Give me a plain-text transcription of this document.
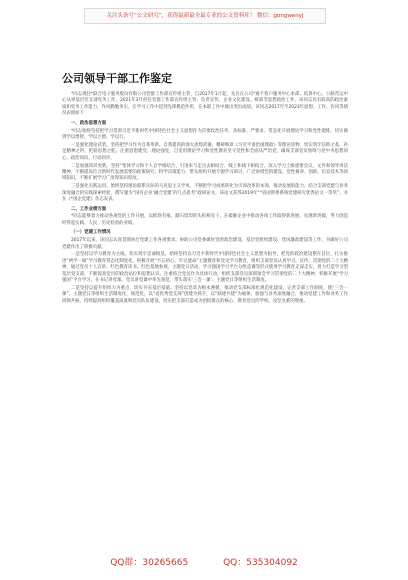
关注头条号“公文研究”，获得最新最全最专业的公文资料库！ 微信：gongwenyj
公司领导干部工作鉴定

*同志现任*联合电子服务股份有限公司党群工作部宣传组主管，自2017年1月起，先后在公司*通卡客户服务中心本部、结算中心、公路营运中心从事基层党支部党务工作，2021年3月担任党群工作部宣传组主管，负责宣传、企业文化建设、统战等思想政治工作，该同志具有较高的政治素质和党务工作能力，作风勤勉务实，在学习工作中起到先锋模范作用，在本职工作中做出突出成绩。该同志2017年至2023年思想、工作、作风等情况表现如下：

一、政治思想方面

*同志始终坚持把学习贯彻习近平新时代中国特色社会主义思想作为首要政治任务，高标准、严要求、常态化开展理论学习和党性锻炼，切实做到学以增智、学以立德、学以行。

一是强化理论武装。坚持把学习作为自我革新、自我提高的强大思想武器，精研细读《习近平谈治国理政》等理论读物，切实筑牢信仰之基、补足精神之钙、把稳思想之舵。注重思想建党、理论强党，自觉用理论学习和党性教育坚守党性和全面从严治党，确保支部党员始终与党中央思想同心、政治同向、行动同步。

二是加强知识更新。坚持“集体学习和个人自学相结合、引进来与走出去相结合、线上和线下相结合，深入学习上级重要会议、文件和领导讲话精神，不断提高符合新时代发展需要的政策研究、科学决策能力，带头组织开展专题学习研讨，广泛讲授党的建设、党性修养、创新、信息技术等领域知识，不断扩展学习广度和知识厚度。

三是强化实践运用。始终坚持理论联系实际的马克思主义学风，不断把学习成果转化为引领改革的本领、推动发展的能力，结合支部党建与业务深度融合的实践探索经验，撰写题为“国有企业‘融合党建’的几点思考”政研论文，该论文获得2019年“*省国资委系统党建研究优秀论文一等奖”，并在《*国企党建》杂志发表。

二、工作业绩方面

*同志能够着力推动各项党的工作开展，以抓铁有痕、踏石留印的头衔相克干，在破解企业中推动各项工作取得新进展、实现新突破，努力创造经得起实践、人民、历史检验的业绩。

（一）党建工作情况

2017年以来，该同志认真贯彻执行党建工作各项要求，协助公司党委做好党的政治建设、基层党组织建设、党风廉政建设等工作，为做好公司党建作出了积极贡献。

一是坚持以学习教育为主线，切实筑牢忠诚根基。始终坚持以习近平新时代中国特色社会主义思想为指导，把党的政治建设摆在首位，扎实推进“两学一做”学习教育常态化制度化、积极开展“不忘初心、牢记使命”主题教育和党史学习教育，组织支部党员认真学习。宣传、贯彻党的二十大精神，通过党员十人宣讲、红色教育读书、红色基地参观、主题党日活动、学习强国学习平台分组竞赛等形式使用学习教育走深走实，着力打造学习型基层党支部，不断提高党员的政治站位和思想认识，注重结合党员作为具体行动，组织支部党员深刻领会学习贯彻党的二十大精神，积极开展“学习强国”平台学习，在书记讲党课、党员讲党课中率先垂范，带头落实‘三会一课’、主题党日等组织生活制度。

二是坚持以提升组织力为重点，切实夯实基层基础。坚持以党章为根本遵循，推动党支部标准化规范化建设，完善支部工作制度，使“三会一课”、主题党日等组织生活制度化、规范化，以“省优秀党支部”创建为抓手，以“联建共建”为载体，加强与业务深度融合，推动党建工作和业务工作同频共振，持续提高组织覆盖质量和党员队伍建设，切实把支部打造成为团结群众的核心、教育党员的学校、攻坚克难的堡垒。

QQ群：30265665	QQ：535304092
